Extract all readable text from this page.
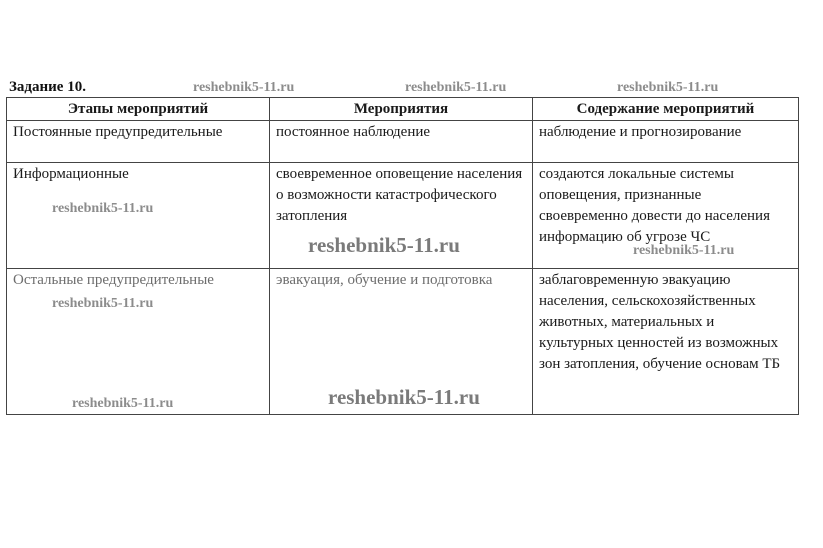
Задание 10.	reshebnik5-11.ru	reshebnik5-11.ru	reshebnik5-11.ru
Этапы мероприятий	Мероприятия	Содержание мероприятий
Постоянные предупредительные	постоянное наблюдение	наблюдение и прогнозирование
Информационные	своевременное оповещение населения о возможности катастрофического затопления	создаются локальные системы оповещения, признанные своевременно довести до населения информацию об угрозе ЧС
Остальные предупредительные	эвакуация, обучение и подготовка	заблаговременную эвакуацию населения, сельскохозяйственных животных, материальных и культурных ценностей из возможных зон затопления, обучение основам ТБ
reshebnik5-11.ru
reshebnik5-11.ru	reshebnik5-11.ru
reshebnik5-11.ru
reshebnik5-11.ru
reshebnik5-11.ru
